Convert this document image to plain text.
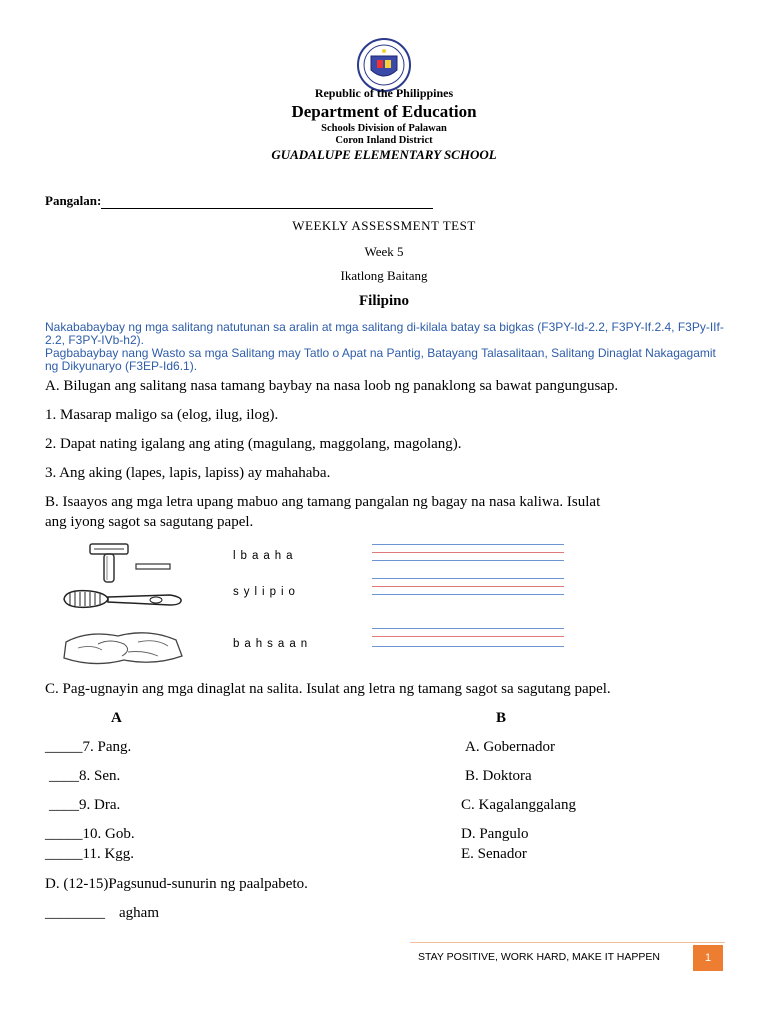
Republic of the Philippines
Department of Education
Schools Division of Palawan
Coron Inland District
GUADALUPE ELEMENTARY SCHOOL
Pangalan:
WEEKLY ASSESSMENT TEST
Week 5
Ikatlong Baitang
Filipino
Nakababaybay ng mga salitang natutunan sa aralin at mga salitang di-kilala batay sa bigkas (F3PY-Id-2.2, F3PY-If.2.4, F3Py-IIf-2.2, F3PY-IVb-h2).
Pagbabaybay nang Wasto sa mga Salitang may Tatlo o Apat na Pantig, Batayang Talasalitaan, Salitang Dinaglat Nakagagamit ng Dikyunaryo (F3EP-Id6.1).
A. Bilugan ang salitang nasa tamang baybay na nasa loob ng panaklong sa bawat pangungusap.
1. Masarap maligo sa (elog, ilug, ilog).
2. Dapat nating igalang ang ating (magulang, maggolang, magolang).
3. Ang aking (lapes, lapis, lapiss) ay mahahaba.
B. Isaayos ang mga letra upang mabuo ang tamang pangalan ng bagay na nasa kaliwa. Isulat
ang iyong sagot sa sagutang papel.
lbaaha
sylipio
bahsaan
C. Pag-ugnayin ang mga dinaglat na salita. Isulat ang letra ng tamang sagot sa sagutang papel.
A	B
_____7. Pang.
____8. Sen.
____9. Dra.
_____10. Gob.
_____11. Kgg.
A. Gobernador
B. Doktora
C. Kagalanggalang
D. Pangulo
E. Senador
D. (12-15)Pagsunud-sunurin ng paalpabeto.
________ agham
STAY POSITIVE, WORK HARD, MAKE IT HAPPEN	1
